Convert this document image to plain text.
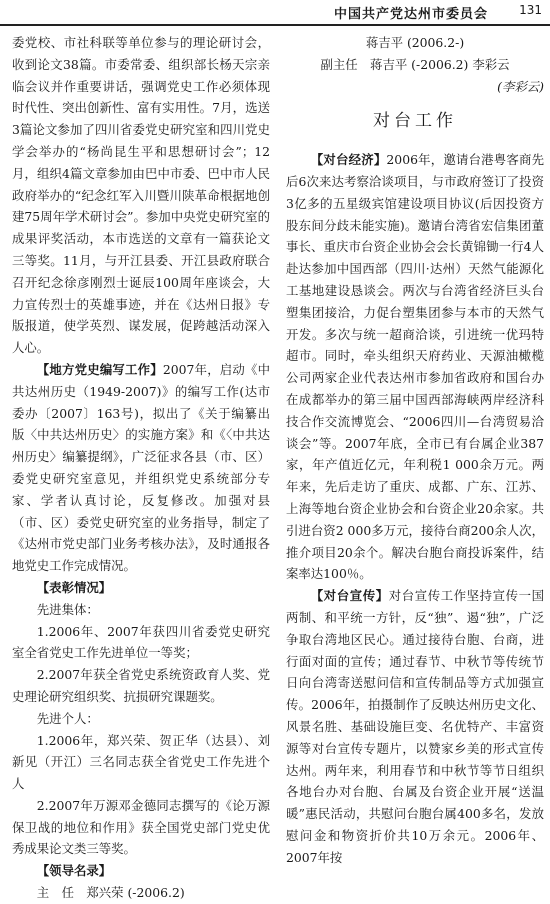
中国共产党达州市委员会	131

委党校、市社科联等单位参与的理论研讨会，收到论文38篇。市委常委、组织部长杨天宗亲临会议并作重要讲话，强调党史工作必须体现时代性、突出创新性、富有实用性。7月，选送3篇论文参加了四川省委党史研究室和四川党史学会举办的“杨尚昆生平和思想研讨会”；12月，组织4篇文章参加由巴中市委、巴中市人民政府举办的“纪念红军入川暨川陕革命根据地创建75周年学术研讨会”。参加中央党史研究室的成果评奖活动，本市选送的文章有一篇获论文三等奖。11月，与开江县委、开江县政府联合召开纪念徐彦刚烈士诞辰100周年座谈会，大力宣传烈士的英雄事迹，并在《达州日报》专版报道，使学英烈、谋发展，促跨越活动深入人心。

【地方党史编写工作】2007年，启动《中共达州历史（1949-2007)》的编写工作(达市委办〔2007〕163号)，拟出了《关于编纂出版〈中共达州历史〉的实施方案》和《〈中共达州历史〉编纂提纲》，广泛征求各县（市、区）委党史研究室意见，并组织党史系统部分专家、学者认真讨论，反复修改。加强对县（市、区）委党史研究室的业务指导，制定了《达州市党史部门业务考核办法》，及时通报各地党史工作完成情况。

【表彰情况】

先进集体：

1.2006年、2007年获四川省委党史研究室全省党史工作先进单位一等奖；

2.2007年获全省党史系统资政育人奖、党史理论研究组织奖、抗损研究课题奖。

先进个人：

1.2006年，郑兴荣、贺正华（达县）、刘新见（开江）三名同志获全省党史工作先进个人

2.2007年万源邓金德同志撰写的《论万源保卫战的地位和作用》获全国党史部门党史优秀成果论文类三等奖。

【领导名录】

主　任　郑兴荣 (-2006.2)

蒋吉平 (2006.2-)

副主任　蒋吉平 (-2006.2) 李彩云

(李彩云)

对台工作

【对台经济】2006年，邀请台港粤客商先后6次来达考察洽谈项目，与市政府签订了投资3亿多的五星级宾馆建设项目协议(后因投资方股东间分歧未能实施)。邀请台湾省宏信集团董事长、重庆市台资企业协会会长黄锦锄一行4人赴达参加中国西部（四川·达州）天然气能源化工基地建设恳谈会。两次与台湾省经济巨头台塑集团接洽，力促台塑集团参与本市的天然气开发。多次与统一超商洽谈，引进统一优玛特超市。同时，牵头组织天府药业、天源油橄榄公司两家企业代表达州市参加省政府和国台办在成都举办的第三届中国西部海峡两岸经济科技合作交流博览会、“2006四川—台湾贸易洽谈会”等。2007年底，全市已有台属企业387家，年产值近亿元，年利税1 000余万元。两年来，先后走访了重庆、成都、广东、江苏、上海等地台资企业协会和台资企业20余家。共引进台资2 000多万元，接待台商200余人次，推介项目20余个。解决台胞台商投诉案件，结案率达100％。

【对台宣传】对台宣传工作坚持宣传一国两制、和平统一方针，反“独”、遏“独”，广泛争取台湾地区民心。通过接待台胞、台商，进行面对面的宣传；通过春节、中秋节等传统节日向台湾寄送慰问信和宣传制品等方式加强宣传。2006年，拍摄制作了反映达州历史文化、风景名胜、基础设施巨变、名优特产、丰富资源等对台宣传专题片，以赞家乡美的形式宣传达州。两年来，利用春节和中秋节等节日组织各地台办对台胞、台属及台资企业开展“送温暖”惠民活动，共慰问台胞台属400多名，发放慰问金和物资折价共10万余元。2006年、2007年按
